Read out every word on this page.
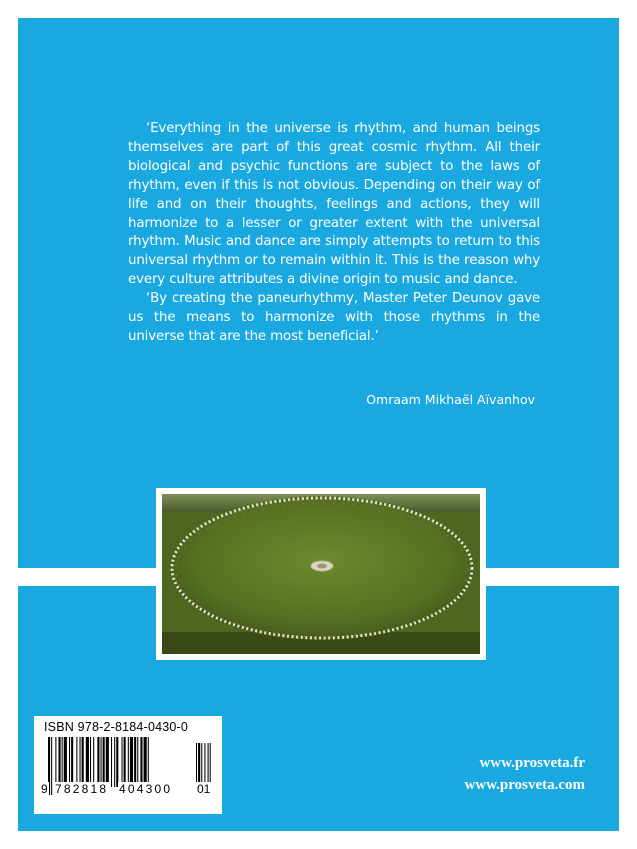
‘Everything in the universe is rhythm, and human beings themselves are part of this great cosmic rhythm. All their biological and psychic functions are subject to the laws of rhythm, even if this is not obvious. Depending on their way of life and on their thoughts, feelings and actions, they will harmonize to a lesser or greater extent with the universal rhythm. Music and dance are simply attempts to return to this universal rhythm or to remain within it. This is the reason why every culture attributes a divine origin to music and dance.

‘By creating the paneurhythmy, Master Peter Deunov gave us the means to harmonize with those rhythms in the universe that are the most beneficial.’

Omraam Mikhaël Aïvanhov
ISBN 978-2-8184-0430-0
9 782818 404300 01
www.prosveta.fr
www.prosveta.com
